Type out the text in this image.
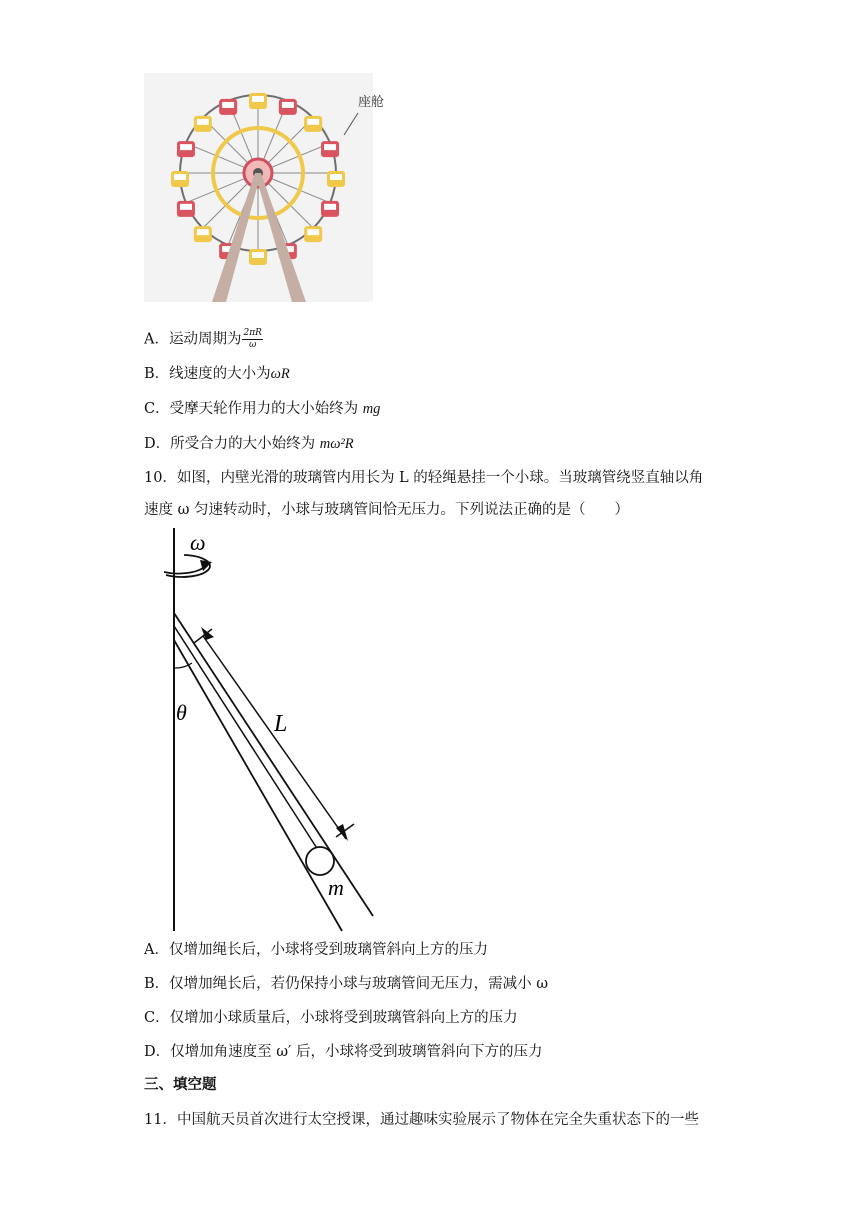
座舱
A．运动周期为 $\frac{2\pi R}{\omega}$
B．线速度的大小为ωR
C．受摩天轮作用力的大小始终为 mg
D．所受合力的大小始终为 mω²R
10．如图，内壁光滑的玻璃管内用长为 L 的轻绳悬挂一个小球。当玻璃管绕竖直轴以角
速度 ω 匀速转动时，小球与玻璃管间恰无压力。下列说法正确的是（　　）
ω
θ	L
m
A．仅增加绳长后，小球将受到玻璃管斜向上方的压力
B．仅增加绳长后，若仍保持小球与玻璃管间无压力，需减小 ω
C．仅增加小球质量后，小球将受到玻璃管斜向上方的压力
D．仅增加角速度至 ω′ 后，小球将受到玻璃管斜向下方的压力
三、填空题
11．中国航天员首次进行太空授课，通过趣味实验展示了物体在完全失重状态下的一些
